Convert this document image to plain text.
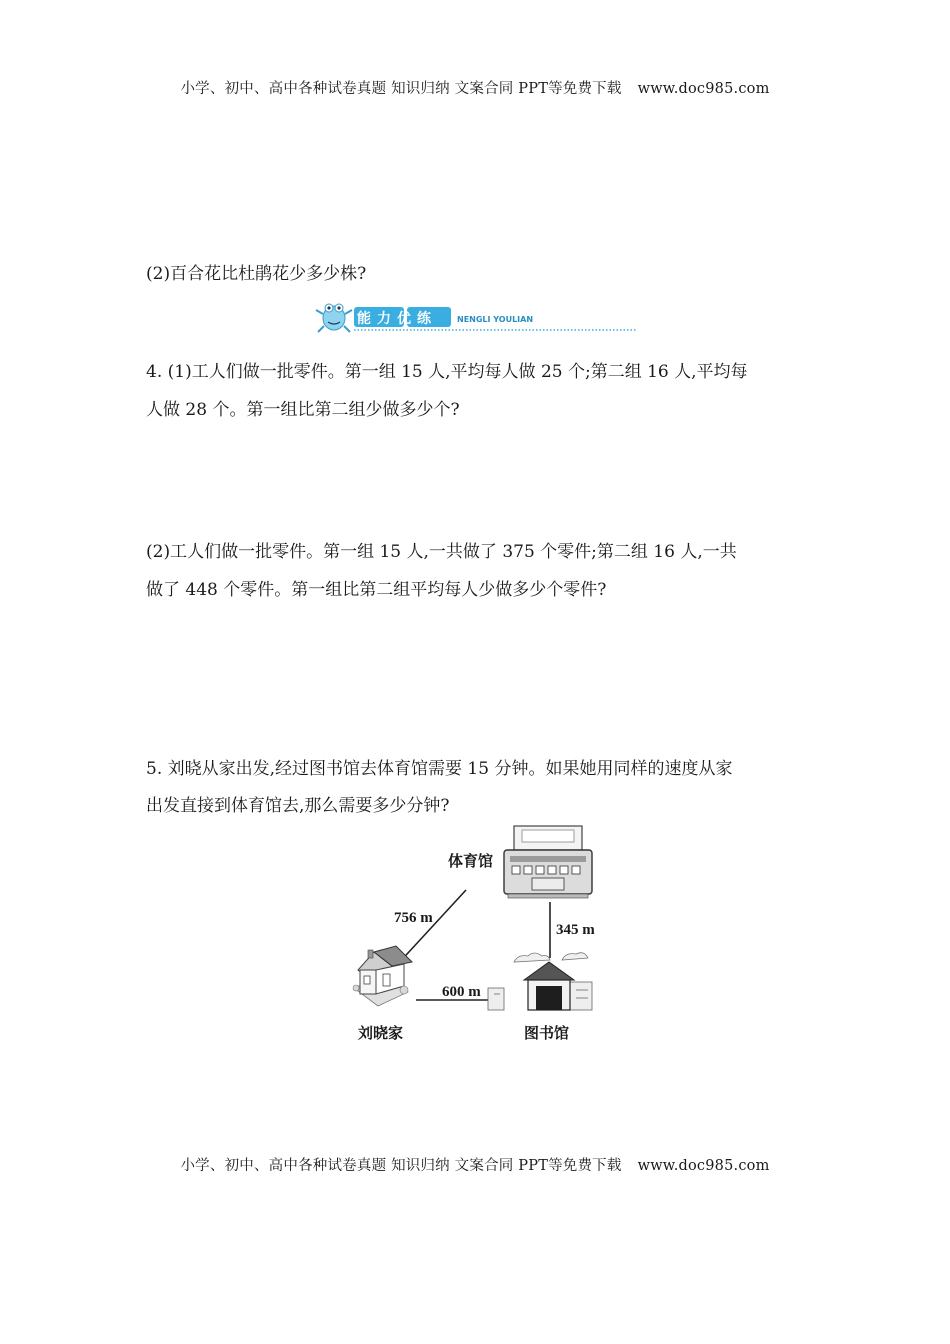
小学、初中、高中各种试卷真题 知识归纳 文案合同 PPT等免费下载 www.doc985.com
(2)百合花比杜鹃花少多少株?
能力优练	NENGLI YOULIAN
4. (1)工人们做一批零件。第一组 15 人,平均每人做 25 个;第二组 16 人,平均每
人做 28 个。第一组比第二组少做多少个?
(2)工人们做一批零件。第一组 15 人,一共做了 375 个零件;第二组 16 人,一共
做了 448 个零件。第一组比第二组平均每人少做多少个零件?
5. 刘晓从家出发,经过图书馆去体育馆需要 15 分钟。如果她用同样的速度从家
出发直接到体育馆去,那么需要多少分钟?
体育馆
756 m
345 m
600 m
刘晓家	图书馆
小学、初中、高中各种试卷真题 知识归纳 文案合同 PPT等免费下载 www.doc985.com
